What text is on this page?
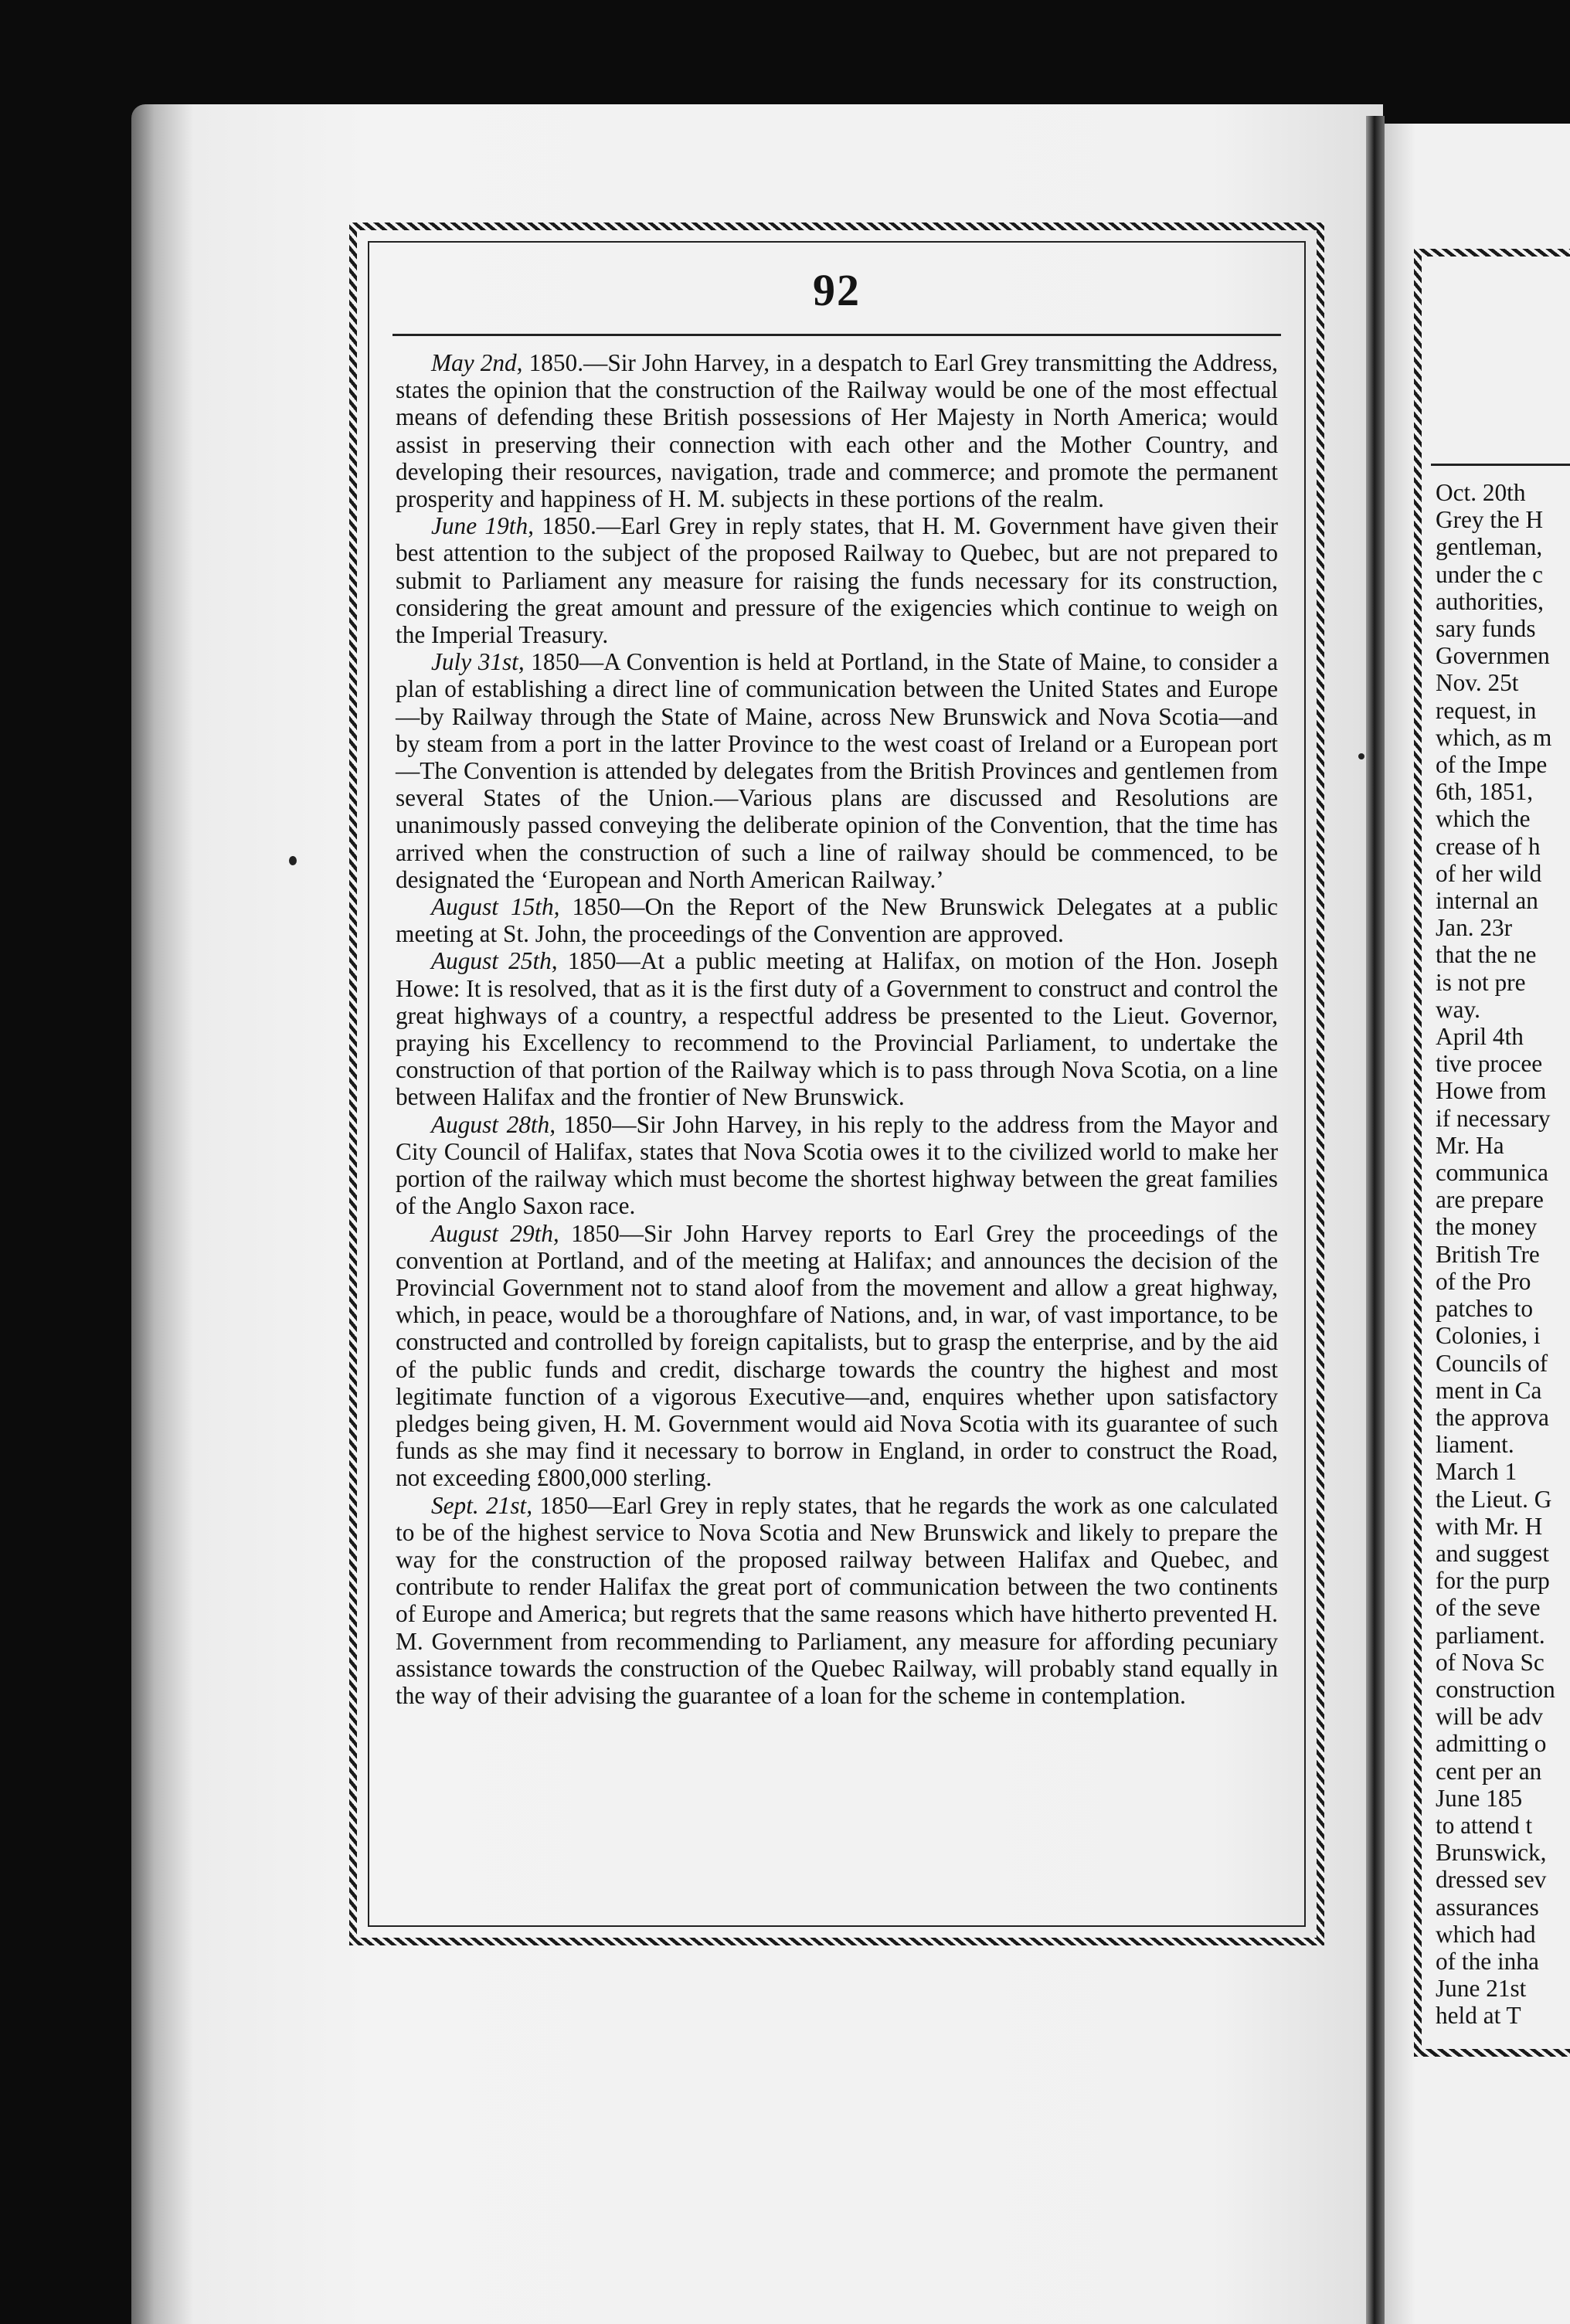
Oct. 20th
Grey the H
gentleman,
under the c
authorities,
sary funds
Governmen
Nov. 25t
request, in
which, as m
of the Impe
6th, 1851,
which the
crease of h
of her wild
internal an
Jan. 23r
that the ne
is not pre
way.
April 4th
tive procee
Howe from
if necessary
Mr. Ha
communica
are prepare
the money
British Tre
of the Pro
patches to
Colonies, i
Councils of
ment in Ca
the approva
liament.
March 1
the Lieut. G
with Mr. H
and suggest
for the purp
of the seve
parliament.
of Nova Sc
construction
will be adv
admitting o
cent per an
June 185
to attend t
Brunswick,
dressed sev
assurances
which had
of the inha
June 21st
held at T
92

May 2nd, 1850.—Sir John Harvey, in a despatch to Earl Grey transmitting the Address, states the opinion that the construction of the Railway would be one of the most effectual means of defending these British possessions of Her Majesty in North America; would assist in preserving their connection with each other and the Mother Country, and developing their resources, navigation, trade and commerce; and promote the permanent prosperity and happiness of H. M. subjects in these portions of the realm.

June 19th, 1850.—Earl Grey in reply states, that H. M. Government have given their best attention to the subject of the proposed Railway to Quebec, but are not prepared to submit to Parliament any measure for raising the funds necessary for its construction, considering the great amount and pressure of the exigencies which continue to weigh on the Imperial Treasury.

July 31st, 1850—A Convention is held at Portland, in the State of Maine, to consider a plan of establishing a direct line of communication between the United States and Europe—by Railway through the State of Maine, across New Brunswick and Nova Scotia—and by steam from a port in the latter Province to the west coast of Ireland or a European port—The Convention is attended by delegates from the British Provinces and gentlemen from several States of the Union.—Various plans are discussed and Resolutions are unanimously passed conveying the deliberate opinion of the Convention, that the time has arrived when the construction of such a line of railway should be commenced, to be designated the ‘European and North American Railway.’

August 15th, 1850—On the Report of the New Brunswick Delegates at a public meeting at St. John, the proceedings of the Convention are approved.

August 25th, 1850—At a public meeting at Halifax, on motion of the Hon. Joseph Howe: It is resolved, that as it is the first duty of a Government to construct and control the great highways of a country, a respectful address be presented to the Lieut. Governor, praying his Excellency to recommend to the Provincial Parliament, to undertake the construction of that portion of the Railway which is to pass through Nova Scotia, on a line between Halifax and the frontier of New Brunswick.

August 28th, 1850—Sir John Harvey, in his reply to the address from the Mayor and City Council of Halifax, states that Nova Scotia owes it to the civilized world to make her portion of the railway which must become the shortest highway between the great families of the Anglo Saxon race.

August 29th, 1850—Sir John Harvey reports to Earl Grey the proceedings of the convention at Portland, and of the meeting at Halifax; and announces the decision of the Provincial Government not to stand aloof from the movement and allow a great highway, which, in peace, would be a thoroughfare of Nations, and, in war, of vast importance, to be constructed and controlled by foreign capitalists, but to grasp the enterprise, and by the aid of the public funds and credit, discharge towards the country the highest and most legitimate function of a vigorous Executive—and, enquires whether upon satisfactory pledges being given, H. M. Government would aid Nova Scotia with its guarantee of such funds as she may find it necessary to borrow in England, in order to construct the Road, not exceeding £800,000 sterling.

Sept. 21st, 1850—Earl Grey in reply states, that he regards the work as one calculated to be of the highest service to Nova Scotia and New Brunswick and likely to prepare the way for the construction of the proposed railway between Halifax and Quebec, and contribute to render Halifax the great port of communication between the two continents of Europe and America; but regrets that the same reasons which have hitherto prevented H. M. Government from recommending to Parliament, any measure for affording pecuniary assistance towards the construction of the Quebec Railway, will probably stand equally in the way of their advising the guarantee of a loan for the scheme in contemplation.
